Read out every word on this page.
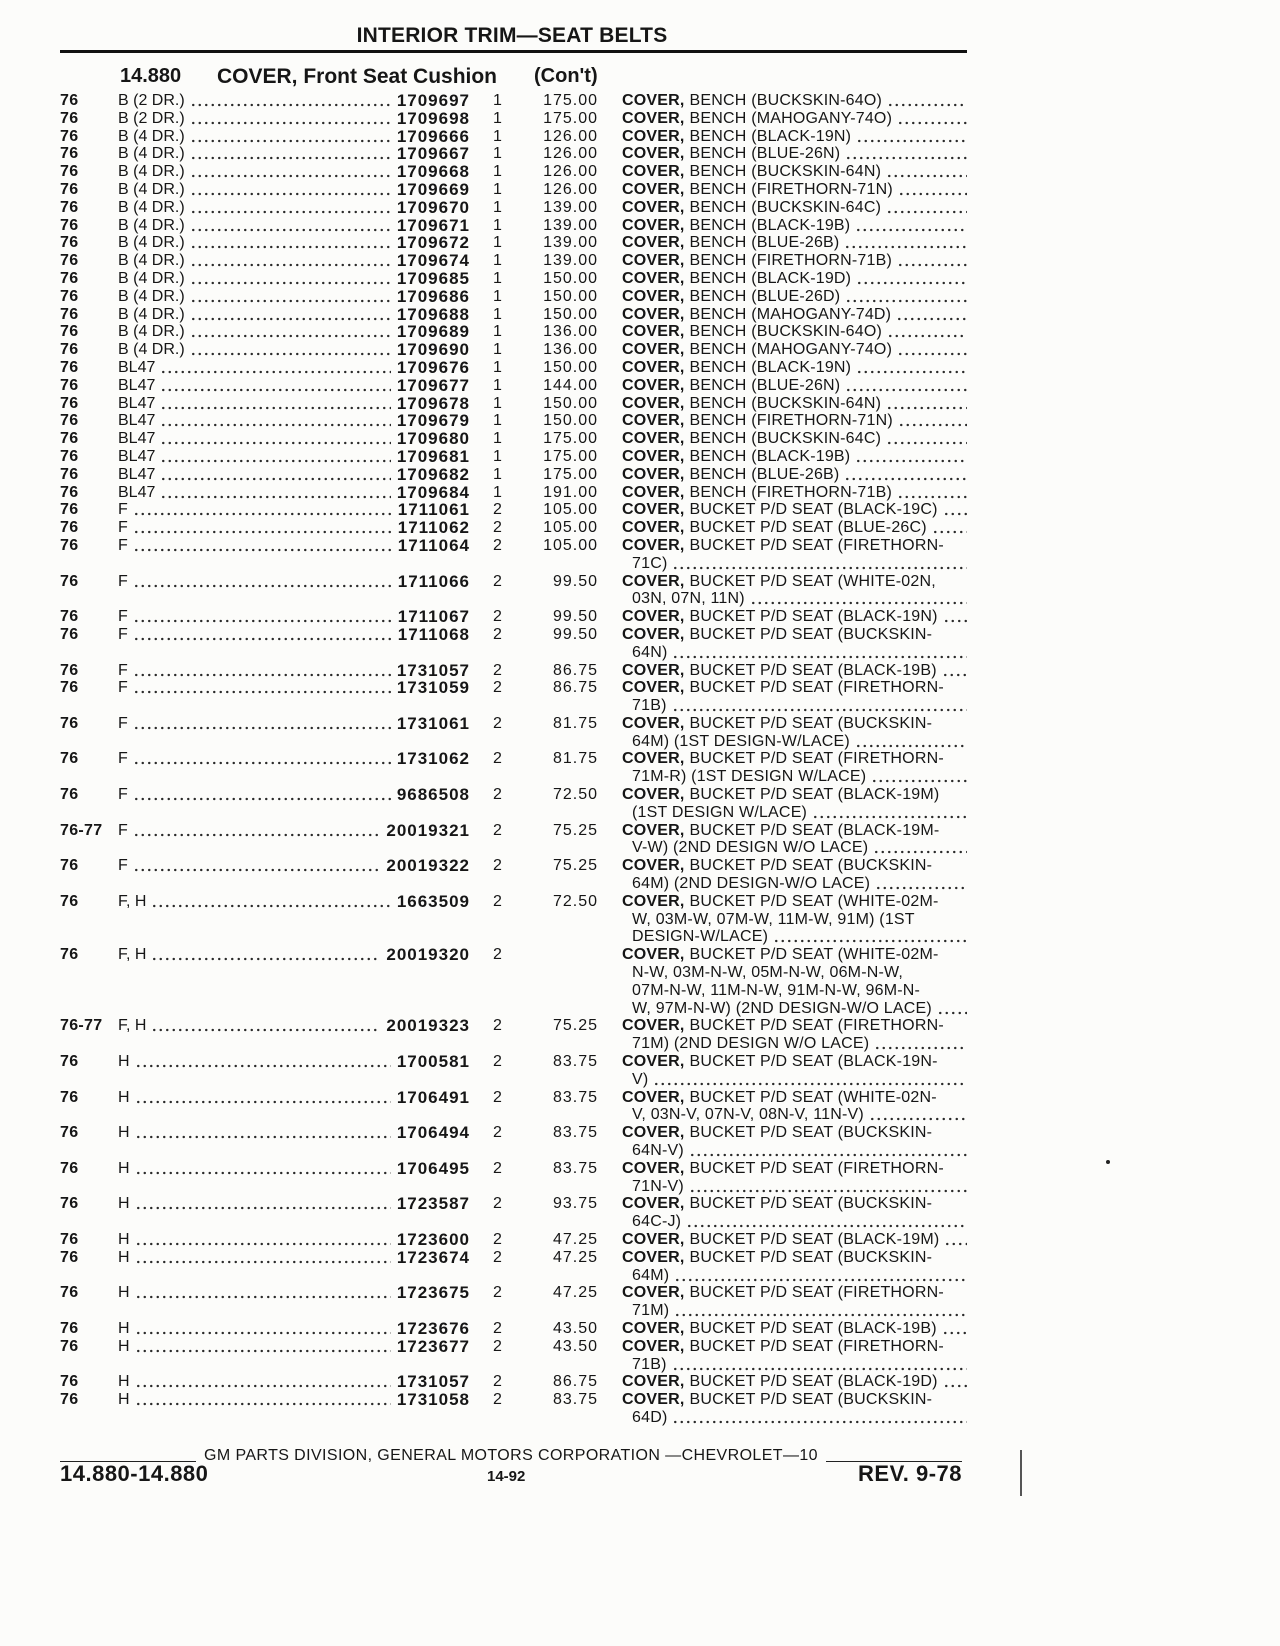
INTERIOR TRIM—SEAT BELTS
14.880 COVER, Front Seat Cushion (Con't)
76	B (2 DR.)	1709697	1	175.00 COVER, BENCH (BUCKSKIN-64O)
76	B (2 DR.)	1709698	1	175.00 COVER, BENCH (MAHOGANY-74O)
76	B (4 DR.)	1709666	1	126.00 COVER, BENCH (BLACK-19N)
76	B (4 DR.)	1709667	1	126.00 COVER, BENCH (BLUE-26N)
76	B (4 DR.)	1709668	1	126.00 COVER, BENCH (BUCKSKIN-64N)
76	B (4 DR.)	1709669	1	126.00 COVER, BENCH (FIRETHORN-71N)
76	B (4 DR.)	1709670	1	139.00 COVER, BENCH (BUCKSKIN-64C)
76	B (4 DR.)	1709671	1	139.00 COVER, BENCH (BLACK-19B)
76	B (4 DR.)	1709672	1	139.00 COVER, BENCH (BLUE-26B)
76	B (4 DR.)	1709674	1	139.00 COVER, BENCH (FIRETHORN-71B)
76	B (4 DR.)	1709685	1	150.00 COVER, BENCH (BLACK-19D)
76	B (4 DR.)	1709686	1	150.00 COVER, BENCH (BLUE-26D)
76	B (4 DR.)	1709688	1	150.00 COVER, BENCH (MAHOGANY-74D)
76	B (4 DR.)	1709689	1	136.00 COVER, BENCH (BUCKSKIN-64O)
76	B (4 DR.)	1709690	1	136.00 COVER, BENCH (MAHOGANY-74O)
76	BL47	1709676	1	150.00 COVER, BENCH (BLACK-19N)
76	BL47	1709677	1	144.00 COVER, BENCH (BLUE-26N)
76	BL47	1709678	1	150.00 COVER, BENCH (BUCKSKIN-64N)
76	BL47	1709679	1	150.00 COVER, BENCH (FIRETHORN-71N)
76	BL47	1709680	1	175.00 COVER, BENCH (BUCKSKIN-64C)
76	BL47	1709681	1	175.00 COVER, BENCH (BLACK-19B)
76	BL47	1709682	1	175.00 COVER, BENCH (BLUE-26B)
76	BL47	1709684	1	191.00 COVER, BENCH (FIRETHORN-71B)
76	F	1711061	2	105.00 COVER, BUCKET P/D SEAT (BLACK-19C)
76	F	1711062	2	105.00 COVER, BUCKET P/D SEAT (BLUE-26C)
76	F	1711064	2	105.00 COVER, BUCKET P/D SEAT (FIRETHORN-
71C)
76	F	1711066	2	99.50 COVER, BUCKET P/D SEAT (WHITE-02N,
03N, 07N, 11N)
76	F	1711067	2	99.50 COVER, BUCKET P/D SEAT (BLACK-19N)
76	F	1711068	2	99.50 COVER, BUCKET P/D SEAT (BUCKSKIN-
64N)
76	F	1731057	2	86.75 COVER, BUCKET P/D SEAT (BLACK-19B)
76	F	1731059	2	86.75 COVER, BUCKET P/D SEAT (FIRETHORN-
71B)
76	F	1731061	2	81.75 COVER, BUCKET P/D SEAT (BUCKSKIN-
64M) (1ST DESIGN-W/LACE)
76	F	1731062	2	81.75 COVER, BUCKET P/D SEAT (FIRETHORN-
71M-R) (1ST DESIGN W/LACE)
76	F	9686508	2	72.50 COVER, BUCKET P/D SEAT (BLACK-19M)
(1ST DESIGN W/LACE)
76-77 F	20019321	2	75.25 COVER, BUCKET P/D SEAT (BLACK-19M-
V-W) (2ND DESIGN W/O LACE)
76	F	20019322	2	75.25 COVER, BUCKET P/D SEAT (BUCKSKIN-
64M) (2ND DESIGN-W/O LACE)
76	F, H	1663509	2	72.50 COVER, BUCKET P/D SEAT (WHITE-02M-
W, 03M-W, 07M-W, 11M-W, 91M) (1ST
DESIGN-W/LACE)
76	F, H	20019320	2	COVER, BUCKET P/D SEAT (WHITE-02M-
N-W, 03M-N-W, 05M-N-W, 06M-N-W,
07M-N-W, 11M-N-W, 91M-N-W, 96M-N-
W, 97M-N-W) (2ND DESIGN-W/O LACE)
76-77 F, H	20019323	2	75.25 COVER, BUCKET P/D SEAT (FIRETHORN-
71M) (2ND DESIGN W/O LACE)
76	H	1700581	2	83.75 COVER, BUCKET P/D SEAT (BLACK-19N-
V)
76	H	1706491	2	83.75 COVER, BUCKET P/D SEAT (WHITE-02N-
V, 03N-V, 07N-V, 08N-V, 11N-V)
76	H	1706494	2	83.75 COVER, BUCKET P/D SEAT (BUCKSKIN-
64N-V)
76	H	1706495	2	83.75 COVER, BUCKET P/D SEAT (FIRETHORN-
71N-V)
76	H	1723587	2	93.75 COVER, BUCKET P/D SEAT (BUCKSKIN-
64C-J)
76	H	1723600	2	47.25 COVER, BUCKET P/D SEAT (BLACK-19M)
76	H	1723674	2	47.25 COVER, BUCKET P/D SEAT (BUCKSKIN-
64M)
76	H	1723675	2	47.25 COVER, BUCKET P/D SEAT (FIRETHORN-
71M)
76	H	1723676	2	43.50 COVER, BUCKET P/D SEAT (BLACK-19B)
76	H	1723677	2	43.50 COVER, BUCKET P/D SEAT (FIRETHORN-
71B)
76	H	1731057	2	86.75 COVER, BUCKET P/D SEAT (BLACK-19D)
76	H	1731058	2	83.75 COVER, BUCKET P/D SEAT (BUCKSKIN-
64D)
GM PARTS DIVISION, GENERAL MOTORS CORPORATION —CHEVROLET—10
14.880-14.880	14-92	REV. 9-78
